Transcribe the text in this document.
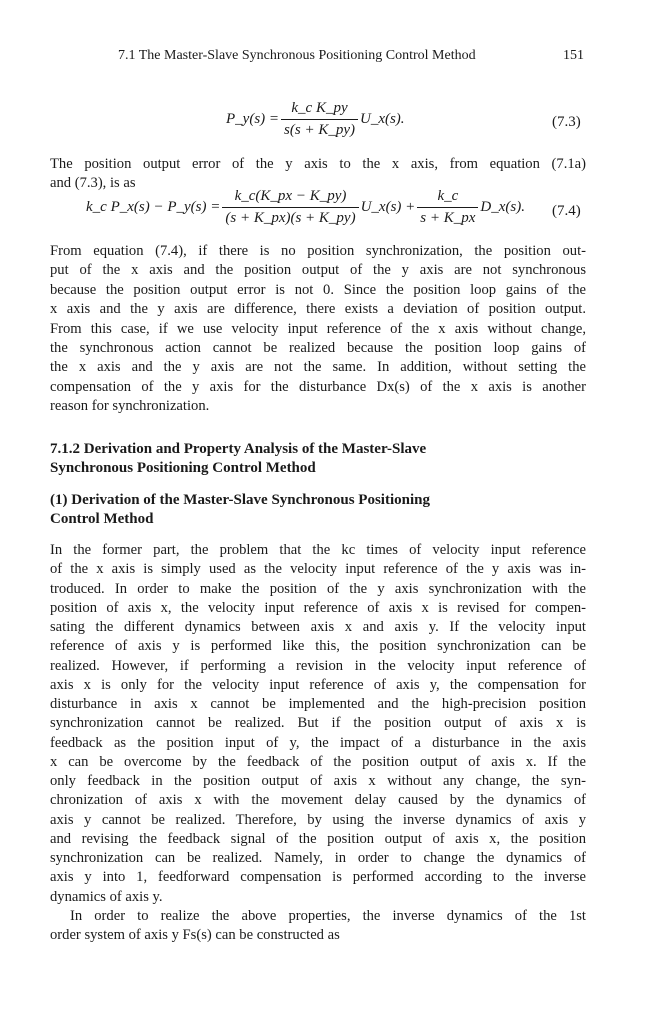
7.1 The Master-Slave Synchronous Positioning Control Method	151
P_y(s) = $\frac{\text{k\_c K\_py}}{s(s + K\_py)}$ U_x(s).	(7.3)
The position output error of the y axis to the x axis, from equation (7.1a)
and (7.3), is as
k_c P_x(s) − P_y(s) = $\frac{k\_c(K\_px - K\_py)}{(s + K\_px)(s + K\_py)}$ U_x(s) + $\frac{k\_c}{s + K\_px}$ D_x(s). (7.4)
From equation (7.4), if there is no position synchronization, the position out-
put of the x axis and the position output of the y axis are not synchronous
because the position output error is not 0. Since the position loop gains of the
x axis and the y axis are difference, there exists a deviation of position output.
From this case, if we use velocity input reference of the x axis without change,
the synchronous action cannot be realized because the position loop gains of
the x axis and the y axis are not the same. In addition, without setting the
compensation of the y axis for the disturbance Dx(s) of the x axis is another
reason for synchronization.
7.1.2 Derivation and Property Analysis of the Master-Slave
Synchronous Positioning Control Method
(1) Derivation of the Master-Slave Synchronous Positioning
Control Method
In the former part, the problem that the kc times of velocity input reference
of the x axis is simply used as the velocity input reference of the y axis was in-
troduced. In order to make the position of the y axis synchronization with the
position of axis x, the velocity input reference of axis x is revised for compen-
sating the different dynamics between axis x and axis y. If the velocity input
reference of axis y is performed like this, the position synchronization can be
realized. However, if performing a revision in the velocity input reference of
axis x is only for the velocity input reference of axis y, the compensation for
disturbance in axis x cannot be implemented and the high-precision position
synchronization cannot be realized. But if the position output of axis x is
feedback as the position input of y, the impact of a disturbance in the axis
x can be overcome by the feedback of the position output of axis x. If the
only feedback in the position output of axis x without any change, the syn-
chronization of axis x with the movement delay caused by the dynamics of
axis y cannot be realized. Therefore, by using the inverse dynamics of axis y
and revising the feedback signal of the position output of axis x, the position
synchronization can be realized. Namely, in order to change the dynamics of
axis y into 1, feedforward compensation is performed according to the inverse
dynamics of axis y.
In order to realize the above properties, the inverse dynamics of the 1st
order system of axis y Fs(s) can be constructed as
